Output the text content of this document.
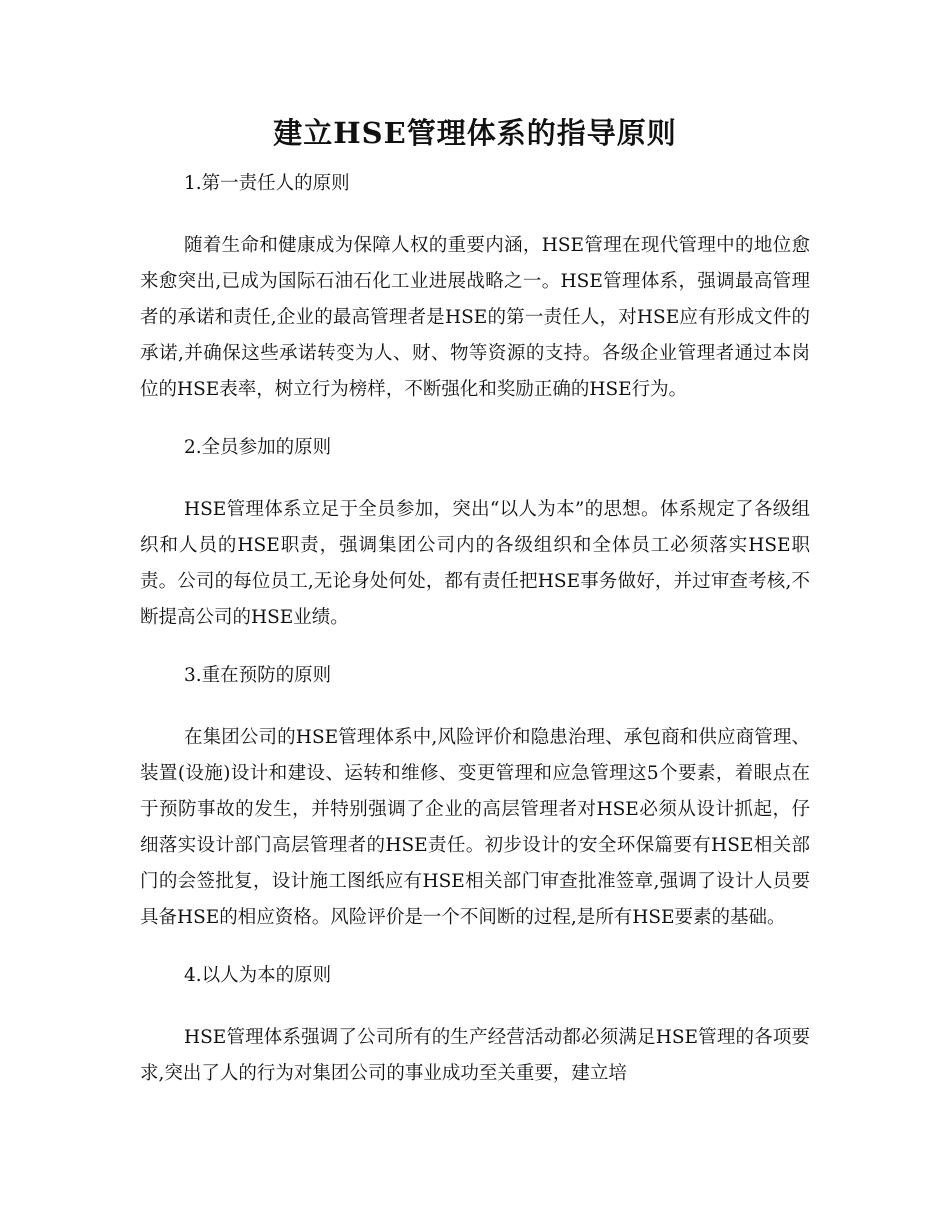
建立HSE管理体系的指导原则

1.第一责任人的原则

随着生命和健康成为保障人权的重要内涵，HSE管理在现代管理中的地位愈来愈突出,已成为国际石油石化工业进展战略之一。HSE管理体系，强调最高管理者的承诺和责任,企业的最高管理者是HSE的第一责任人，对HSE应有形成文件的承诺,并确保这些承诺转变为人、财、物等资源的支持。各级企业管理者通过本岗位的HSE表率，树立行为榜样，不断强化和奖励正确的HSE行为。

2.全员参加的原则

HSE管理体系立足于全员参加，突出“以人为本”的思想。体系规定了各级组织和人员的HSE职责，强调集团公司内的各级组织和全体员工必须落实HSE职责。公司的每位员工,无论身处何处，都有责任把HSE事务做好，并过审查考核,不断提高公司的HSE业绩。

3.重在预防的原则

在集团公司的HSE管理体系中,风险评价和隐患治理、承包商和供应商管理、装置(设施)设计和建设、运转和维修、变更管理和应急管理这5个要素，着眼点在于预防事故的发生，并特别强调了企业的高层管理者对HSE必须从设计抓起，仔细落实设计部门高层管理者的HSE责任。初步设计的安全环保篇要有HSE相关部门的会签批复，设计施工图纸应有HSE相关部门审查批准签章,强调了设计人员要具备HSE的相应资格。风险评价是一个不间断的过程,是所有HSE要素的基础。

4.以人为本的原则

HSE管理体系强调了公司所有的生产经营活动都必须满足HSE管理的各项要求,突出了人的行为对集团公司的事业成功至关重要，建立培
